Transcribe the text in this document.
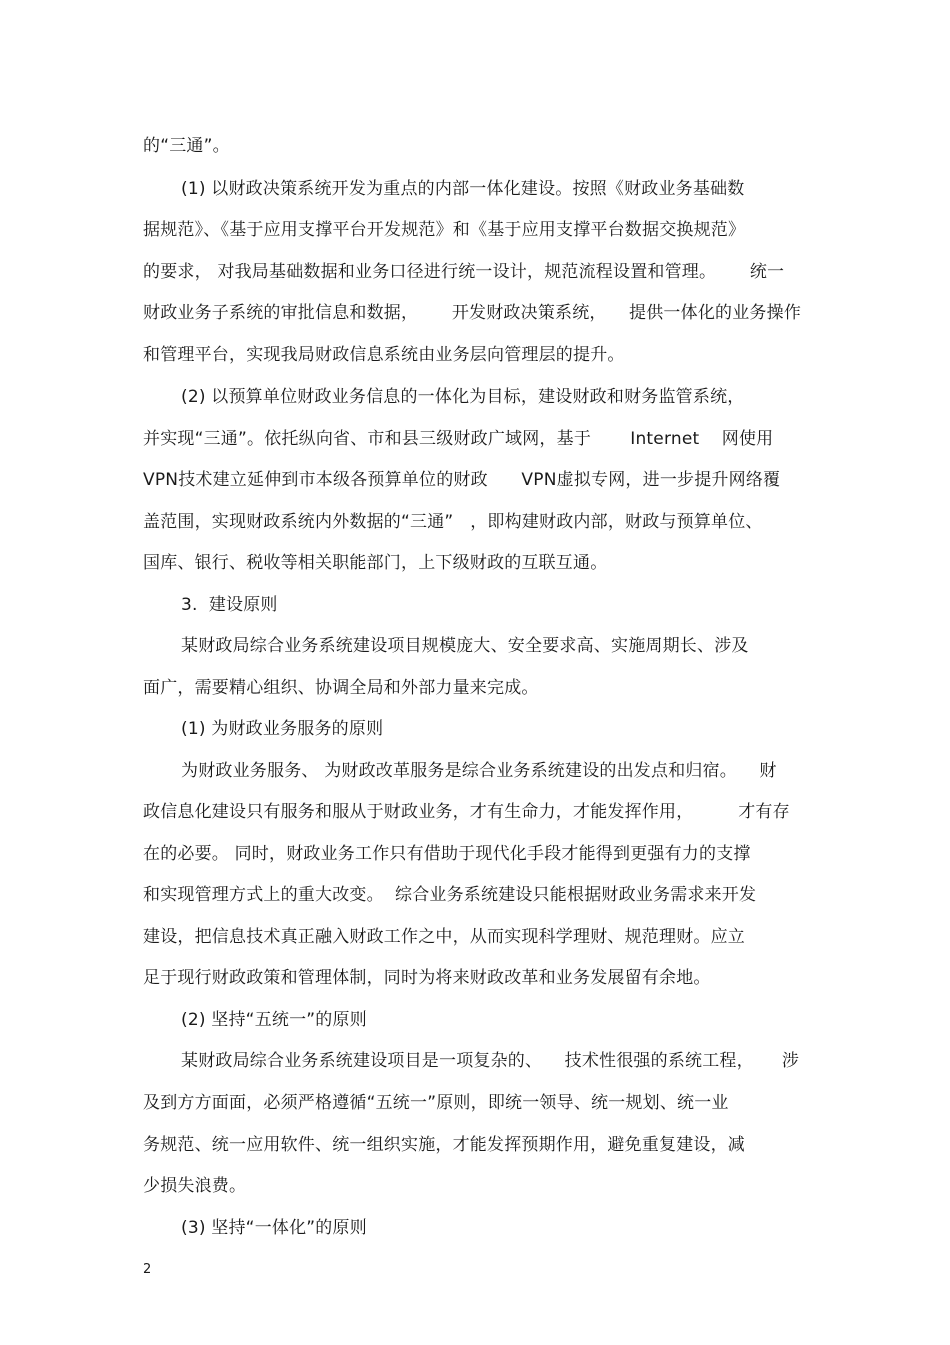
的“三通”。
(1) 以财政决策系统开发为重点的内部一体化建设。按照《财政业务基础数
据规范》、《基于应用支撑平台开发规范》和《基于应用支撑平台数据交换规范》
的要求， 对我局基础数据和业务口径进行统一设计，规范流程设置和管理。      统一
财政业务子系统的审批信息和数据，      开发财政决策系统，    提供一体化的业务操作
和管理平台，实现我局财政信息系统由业务层向管理层的提升。
(2) 以预算单位财政业务信息的一体化为目标，建设财政和财务监管系统，
并实现“三通”。依托纵向省、市和县三级财政广域网，基于       Internet    网使用
VPN技术建立延伸到市本级各预算单位的财政      VPN虚拟专网，进一步提升网络覆
盖范围，实现财政系统内外数据的“三通”   ，即构建财政内部，财政与预算单位、
国库、银行、税收等相关职能部门，上下级财政的互联互通。
3.  建设原则
某财政局综合业务系统建设项目规模庞大、安全要求高、实施周期长、涉及
面广，需要精心组织、协调全局和外部力量来完成。
(1) 为财政业务服务的原则
为财政业务服务、 为财政改革服务是综合业务系统建设的出发点和归宿。    财
政信息化建设只有服务和服从于财政业务，才有生命力，才能发挥作用，        才有存
在的必要。 同时，财政业务工作只有借助于现代化手段才能得到更强有力的支撑
和实现管理方式上的重大改变。  综合业务系统建设只能根据财政业务需求来开发
建设，把信息技术真正融入财政工作之中，从而实现科学理财、规范理财。应立
足于现行财政政策和管理体制，同时为将来财政改革和业务发展留有余地。
(2) 坚持“五统一”的原则
某财政局综合业务系统建设项目是一项复杂的、    技术性很强的系统工程，     涉
及到方方面面，必须严格遵循“五统一”原则，即统一领导、统一规划、统一业
务规范、统一应用软件、统一组织实施，才能发挥预期作用，避免重复建设，减
少损失浪费。
(3) 坚持“一体化”的原则
2
